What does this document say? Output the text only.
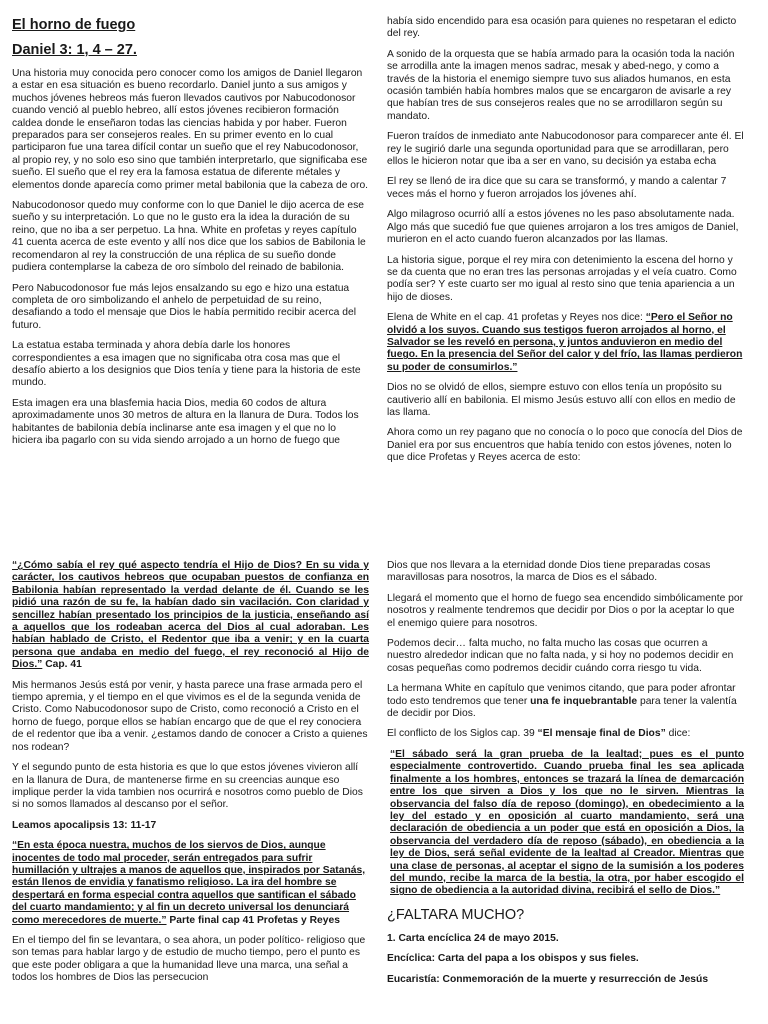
El horno de fuego
Daniel 3: 1, 4 – 27.

Una historia muy conocida pero conocer como los amigos de Daniel llegaron a estar en esa situación es bueno recordarlo. Daniel junto a sus amigos y muchos jóvenes hebreos más fueron llevados cautivos por Nabucodonosor cuando venció al pueblo hebreo, allí estos jóvenes recibieron formación caldea donde le enseñaron todas las ciencias habida y por haber. Fueron preparados para ser consejeros reales. En su primer evento en lo cual participaron fue una tarea difícil contar un sueño que el rey Nabucodonosor, al propio rey, y no solo eso sino que también interpretarlo, que significaba ese sueño. El sueño que el rey era la famosa estatua de diferente métales y elementos donde aparecía como primer metal babilonia que la cabeza de oro.

Nabucodonosor quedo muy conforme con lo que Daniel le dijo acerca de ese sueño y su interpretación. Lo que no le gusto era la idea la duración de su reino, que no iba a ser perpetuo. La hna. White en profetas y reyes capítulo 41 cuenta acerca de este evento y allí nos dice que los sabios de Babilonia le recomendaron al rey la construcción de una réplica de su sueño donde pudiera contemplarse la cabeza de oro símbolo del reinado de babilonia.

Pero Nabucodonosor fue más lejos ensalzando su ego e hizo una estatua completa de oro simbolizando el anhelo de perpetuidad de su reino, desafiando a todo el mensaje que Dios le había permitido recibir acerca del futuro.

La estatua estaba terminada y ahora debía darle los honores correspondientes a esa imagen que no significaba otra cosa mas que el desafío abierto a los designios que Dios tenía y tiene para la historia de este mundo.

Esta imagen era una blasfemia hacia Dios, media 60 codos de altura aproximadamente unos 30 metros de altura en la llanura de Dura. Todos los habitantes de babilonia debía inclinarse ante esa imagen y el que no lo hiciera iba pagarlo con su vida siendo arrojado a un horno de fuego que

había sido encendido para esa ocasión para quienes no respetaran el edicto del rey.

A sonido de la orquesta que se había armado para la ocasión toda la nación se arrodilla ante la imagen menos sadrac, mesak y abed-nego, y como a través de la historia el enemigo siempre tuvo sus aliados humanos, en esta ocasión también había hombres malos que se encargaron de avisarle a rey que habían tres de sus consejeros reales que no se arrodillaron según su mandato.

Fueron traídos de inmediato ante Nabucodonosor para comparecer ante él. El rey le sugirió darle una segunda oportunidad para que se arrodillaran, pero ellos le hicieron notar que iba a ser en vano, su decisión ya estaba echa

El rey se llenó de ira dice que su cara se transformó, y mando a calentar 7 veces más el horno y fueron arrojados los jóvenes ahí.

Algo milagroso ocurrió allí a estos jóvenes no les paso absolutamente nada. Algo más que sucedió fue que quienes arrojaron a los tres amigos de Daniel, murieron en el acto cuando fueron alcanzados por las llamas.

La historia sigue, porque el rey mira con detenimiento la escena del horno y se da cuenta que no eran tres las personas arrojadas y el veía cuatro. Como podía ser? Y este cuarto ser mo igual al resto sino que tenia apariencia a un hijo de dioses.

Elena de White en el cap. 41 profetas y Reyes nos dice: “Pero el Señor no olvidó a los suyos. Cuando sus testigos fueron arrojados al horno, el Salvador se les reveló en persona, y juntos anduvieron en medio del fuego. En la presencia del Señor del calor y del frío, las llamas perdieron su poder de consumirlos.”

Dios no se olvidó de ellos, siempre estuvo con ellos tenía un propósito su cautiverio allí en babilonia. El mismo Jesús estuvo allí con ellos en medio de las llama.

Ahora como un rey pagano que no conocía o lo poco que conocía del Dios de Daniel era por sus encuentros que había tenido con estos jóvenes, noten lo que dice Profetas y Reyes acerca de esto:

“¿Cómo sabía el rey qué aspecto tendría el Hijo de Dios? En su vida y carácter, los cautivos hebreos que ocupaban puestos de confianza en Babilonia habían representado la verdad delante de él. Cuando se les pidió una razón de su fe, la habían dado sin vacilación. Con claridad y sencillez habían presentado los principios de la justicia, enseñando así a aquellos que los rodeaban acerca del Dios al cual adoraban. Les habían hablado de Cristo, el Redentor que iba a venir; y en la cuarta persona que andaba en medio del fuego, el rey reconoció al Hijo de Dios.” Cap. 41

Mis hermanos Jesús está por venir, y hasta parece una frase armada pero el tiempo apremia, y el tiempo en el que vivimos es el de la segunda venida de Cristo. Como Nabucodonosor supo de Cristo, como reconoció a Cristo en el horno de fuego, porque ellos se habían encargo que de que el rey conociera de el redentor que iba a venir. ¿estamos dando de conocer a Cristo a quienes nos rodean?

Y el segundo punto de esta historia es que lo que estos jóvenes vivieron allí en la llanura de Dura, de mantenerse firme en su creencias aunque eso implique perder la vida tambien nos ocurrirá e nosotros como pueblo de Dios si no somos llamados al descanso por el señor.

Leamos apocalipsis 13: 11-17

“En esta época nuestra, muchos de los siervos de Dios, aunque inocentes de todo mal proceder, serán entregados para sufrir humillación y ultrajes a manos de aquellos que, inspirados por Satanás, están llenos de envidia y fanatismo religioso. La ira del hombre se despertará en forma especial contra aquellos que santifican el sábado del cuarto mandamiento; y al fin un decreto universal los denunciará como merecedores de muerte.” Parte final cap 41 Profetas y Reyes

En el tiempo del fin se levantara, o sea ahora, un poder político- religioso que son temas para hablar largo y de estudio de mucho tiempo, pero el punto es que este poder obligara a que la humanidad lleve una marca, una señal a todos los hombres de Dios las persecucion

Dios que nos llevara a la eternidad donde Dios tiene preparadas cosas maravillosas para nosotros, la marca de Dios es el sábado.

Llegará el momento que el horno de fuego sea encendido simbólicamente por nosotros y realmente tendremos que decidir por Dios o por la aceptar lo que el enemigo quiere para nosotros.

Podemos decir… falta mucho, no falta mucho las cosas que ocurren a nuestro alrededor indican que no falta nada, y si hoy no podemos decidir en cosas pequeñas como podremos decidir cuándo corra riesgo tu vida.

La hermana White en capítulo que venimos citando, que para poder afrontar todo esto tendremos que tener una fe inquebrantable para tener la valentía de decidir por Dios.

El conflicto de los Siglos cap. 39 “El mensaje final de Dios” dice:

“El sábado será la gran prueba de la lealtad; pues es el punto especialmente controvertido. Cuando prueba final les sea aplicada finalmente a los hombres, entonces se trazará la línea de demarcación entre los que sirven a Dios y los que no le sirven. Mientras la observancia del falso día de reposo (domingo), en obedecimiento a la ley del estado y en oposición al cuarto mandamiento, será una declaración de obediencia a un poder que está en oposición a Dios, la observancia del verdadero día de reposo (sábado), en obediencia a la ley de Dios, será señal evidente de la lealtad al Creador. Mientras que una clase de personas, al aceptar el signo de la sumisión a los poderes del mundo, recibe la marca de la bestia, la otra, por haber escogido el signo de obediencia a la autoridad divina, recibirá el sello de Dios.”

¿FALTARA MUCHO?

1. Carta encíclica 24 de mayo 2015.

Encíclica: Carta del papa a los obispos y sus fieles.

Eucaristía: Conmemoración de la muerte y resurrección de Jesús
